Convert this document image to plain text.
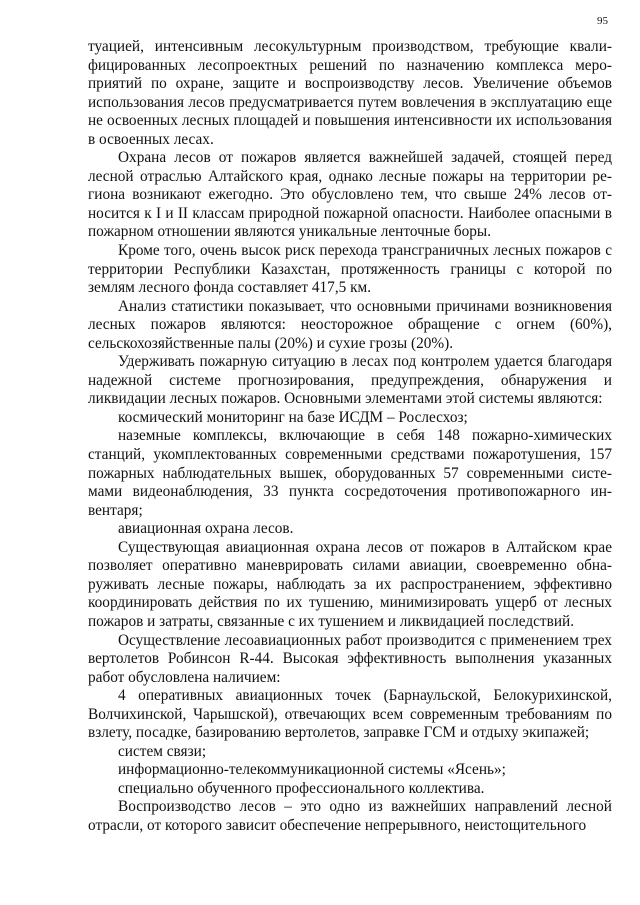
95

туацией, интенсивным лесокультурным производством, требующие квалифицированных лесопроектных решений по назначению комплекса мероприятий по охране, защите и воспроизводству лесов. Увеличение объемов использования лесов предусматривается путем вовлечения в эксплуатацию еще не освоенных лесных площадей и повышения интенсивности их использования в освоенных лесах.

Охрана лесов от пожаров является важнейшей задачей, стоящей перед лесной отраслью Алтайского края, однако лесные пожары на территории региона возникают ежегодно. Это обусловлено тем, что свыше 24% лесов относится к I и II классам природной пожарной опасности. Наиболее опасными в пожарном отношении являются уникальные ленточные боры.

Кроме того, очень высок риск перехода трансграничных лесных пожаров с территории Республики Казахстан, протяженность границы с которой по землям лесного фонда составляет 417,5 км.

Анализ статистики показывает, что основными причинами возникновения лесных пожаров являются: неосторожное обращение с огнем (60%), сельскохозяйственные палы (20%) и сухие грозы (20%).

Удерживать пожарную ситуацию в лесах под контролем удается благодаря надежной системе прогнозирования, предупреждения, обнаружения и ликвидации лесных пожаров. Основными элементами этой системы являются:

космический мониторинг на базе ИСДМ – Рослесхоз;

наземные комплексы, включающие в себя 148 пожарно-химических станций, укомплектованных современными средствами пожаротушения, 157 пожарных наблюдательных вышек, оборудованных 57 современными системами видеонаблюдения, 33 пункта сосредоточения противопожарного инвентаря;

авиационная охрана лесов.

Существующая авиационная охрана лесов от пожаров в Алтайском крае позволяет оперативно маневрировать силами авиации, своевременно обнаруживать лесные пожары, наблюдать за их распространением, эффективно координировать действия по их тушению, минимизировать ущерб от лесных пожаров и затраты, связанные с их тушением и ликвидацией последствий.

Осуществление лесоавиационных работ производится с применением трех вертолетов Робинсон R-44. Высокая эффективность выполнения указанных работ обусловлена наличием:

4 оперативных авиационных точек (Барнаульской, Белокурихинской, Волчихинской, Чарышской), отвечающих всем современным требованиям по взлету, посадке, базированию вертолетов, заправке ГСМ и отдыху экипажей;

систем связи;

информационно-телекоммуникационной системы «Ясень»;

специально обученного профессионального коллектива.

Воспроизводство лесов – это одно из важнейших направлений лесной отрасли, от которого зависит обеспечение непрерывного, неистощительного
